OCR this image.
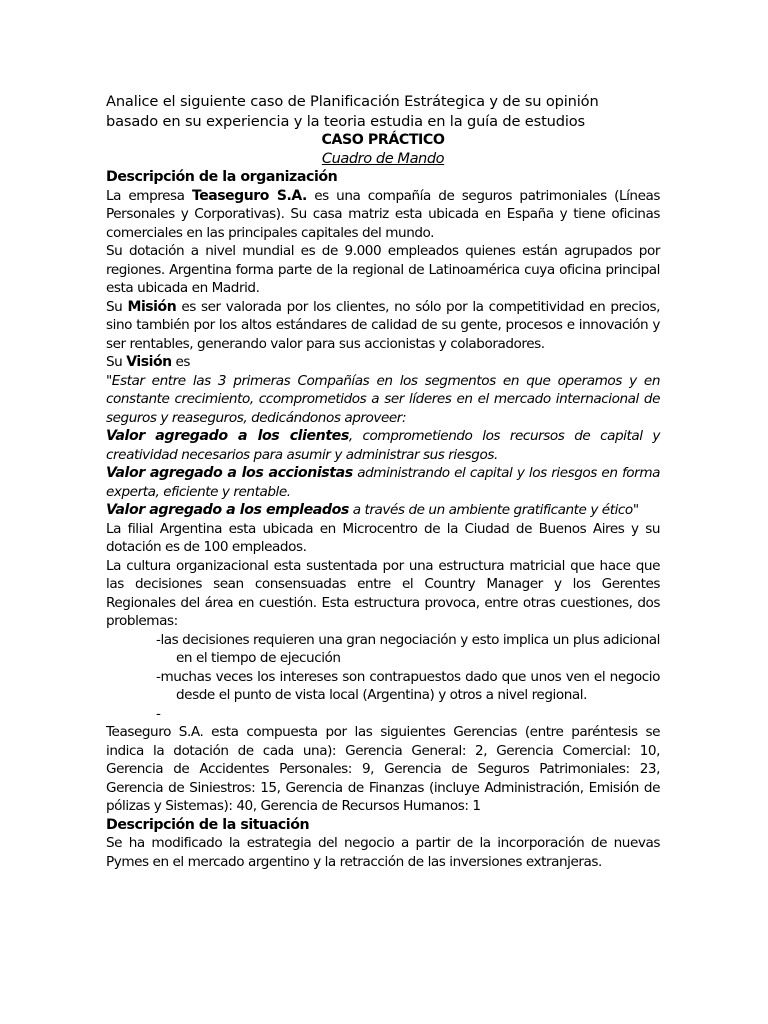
Analice el siguiente caso de Planificación Estrátegica y de su opinión
basado en su experiencia y la teoria estudia en la guía de estudios

CASO PRÁCTICO

Cuadro de Mando

Descripción de la organización

La empresa Teaseguro S.A. es una compañía de seguros patrimoniales (Líneas Personales y Corporativas). Su casa matriz esta ubicada en España y tiene oficinas comerciales en las principales capitales del mundo.

Su dotación a nivel mundial es de 9.000 empleados quienes están agrupados por regiones. Argentina forma parte de la regional de Latinoamérica cuya oficina principal esta ubicada en Madrid.

Su Misión es ser valorada por los clientes, no sólo por la competitividad en precios, sino también por los altos estándares de calidad de su gente, procesos e innovación y ser rentables, generando valor para sus accionistas y colaboradores.

Su Visión es

"Estar entre las 3 primeras Compañías en los segmentos en que operamos y en constante crecimiento, ccomprometidos a ser líderes en el mercado internacional de seguros y reaseguros, dedicándonos aproveer:

Valor agregado a los clientes, comprometiendo los recursos de capital y creatividad necesarios para asumir y administrar sus riesgos.

Valor agregado a los accionistas administrando el capital y los riesgos en forma experta, eficiente y rentable.

Valor agregado a los empleados a través de un ambiente gratificante y ético"

La filial Argentina esta ubicada en Microcentro de la Ciudad de Buenos Aires y su dotación es de 100 empleados.

La cultura organizacional esta sustentada por una estructura matricial que hace que las decisiones sean consensuadas entre el Country Manager y los Gerentes Regionales del área en cuestión. Esta estructura provoca, entre otras cuestiones, dos problemas:

-las decisiones requieren una gran negociación y esto implica un plus adicional en el tiempo de ejecución

-muchas veces los intereses son contrapuestos dado que unos ven el negocio desde el punto de vista local (Argentina) y otros a nivel regional.

-

Teaseguro S.A. esta compuesta por las siguientes Gerencias (entre paréntesis se indica la dotación de cada una): Gerencia General: 2, Gerencia Comercial: 10, Gerencia de Accidentes Personales: 9, Gerencia de Seguros Patrimoniales: 23, Gerencia de Siniestros: 15, Gerencia de Finanzas (incluye Administración, Emisión de pólizas y Sistemas): 40, Gerencia de Recursos Humanos: 1

Descripción de la situación

Se ha modificado la estrategia del negocio a partir de la incorporación de nuevas Pymes en el mercado argentino y la retracción de las inversiones extranjeras.
